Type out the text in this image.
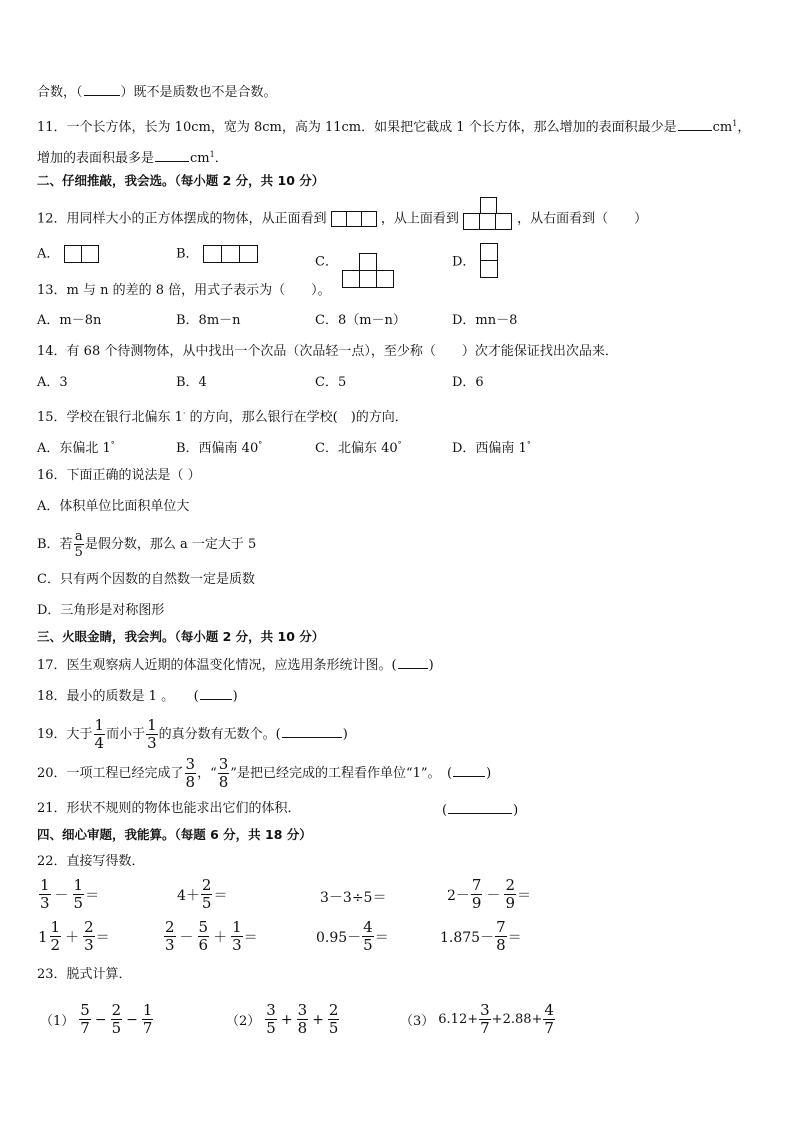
合数，（	）既不是质数也不是合数。
11．一个长方体，长为 10cm，宽为 8cm，高为 11cm．如果把它截成 1 个长方体，那么增加的表面积最少是	$cm^1$，
增加的表面积最多是	$cm^1$．
二、仔细推敲，我会选。（每小题 2 分，共 10 分）
12．用同样大小的正方体摆成的物体，从正面看到	，从上面看到	，从右面看到（　　）
A．	B．
C．	D．
13．m 与 n 的差的 8 倍，用式子表示为（　　）。
A．m－8n	B．8m－n	C．8（m－n）	D．mn－8
14．有 68 个待测物体，从中找出一个次品（次品轻一点），至少称（　　）次才能保证找出次品来．
A．3	B．4	C．5	D．6
15．学校在银行北偏东 1· 的方向，那么银行在学校(　)的方向．
A．东偏北 1°	B．西偏南 40°	C．北偏东 40°	D．西偏南 1°
16．下面正确的说法是（ ）
A．体积单位比面积单位大
B．若 $\frac{a}{5}$ 是假分数，那么 a 一定大于 5
C．只有两个因数的自然数一定是质数
D．三角形是对称图形
三、火眼金睛，我会判。（每小题 2 分，共 10 分）
17．医生观察病人近期的体温变化情况，应选用条形统计图。( )
18．最小的质数是 1 。　　(	)
19．大于 $\frac{1}{4}$ 而小于 $\frac{1}{3}$ 的真分数有无数个。(	)
20．一项工程已经完成了 $\frac{3}{8}$ ，“ $\frac{3}{8}$ ”是把已经完成的工程看作单位“1”。　(	)
21．形状不规则的物体也能求出它们的体积．	(	)
四、细心审题，我能算。（每题 6 分，共 18 分）
22．直接写得数．
$\frac{1}{3} - \frac{1}{5}$ ＝	$4+ \frac{2}{5}$ ＝	3－3÷5＝	$2- \frac{7}{9} - \frac{2}{9}$ ＝
$1 \frac{1}{2} + \frac{2}{3}$ ＝	$\frac{2}{3} - \frac{5}{6} + \frac{1}{3}$ ＝	$0.95- \frac{4}{5}$ ＝	$1.875- \frac{7}{8}$ ＝
23．脱式计算．
$(1) \frac{5}{7} - \frac{2}{5} - \frac{1}{7}$	$(2) \frac{3}{5} + \frac{3}{8} + \frac{2}{5}$	（3） $6.12+ \frac{3}{7} +2.88+ \frac{4}{7}$
